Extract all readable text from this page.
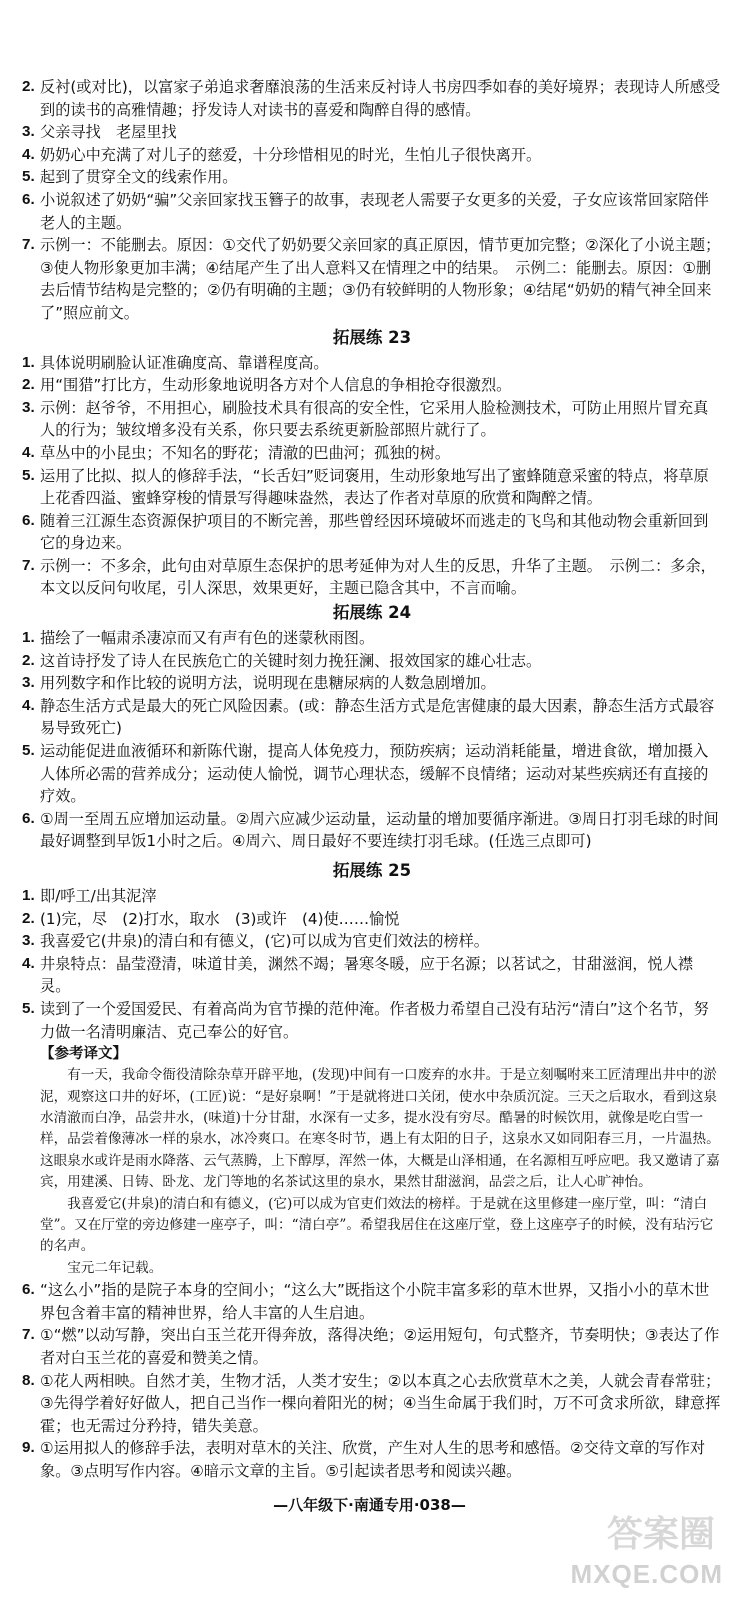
2. 反衬(或对比)，以富家子弟追求奢靡浪荡的生活来反衬诗人书房四季如春的美好境界；表现诗人所感受到的读书的高雅情趣；抒发诗人对读书的喜爱和陶醉自得的感情。

3. 父亲寻找　老屋里找

4. 奶奶心中充满了对儿子的慈爱，十分珍惜相见的时光，生怕儿子很快离开。

5. 起到了贯穿全文的线索作用。

6. 小说叙述了奶奶“骗”父亲回家找玉簪子的故事，表现老人需要子女更多的关爱，子女应该常回家陪伴老人的主题。

7. 示例一：不能删去。原因：①交代了奶奶要父亲回家的真正原因，情节更加完整；②深化了小说主题；③使人物形象更加丰满；④结尾产生了出人意料又在情理之中的结果。　示例二：能删去。原因：①删去后情节结构是完整的；②仍有明确的主题；③仍有较鲜明的人物形象；④结尾“奶奶的精气神全回来了”照应前文。

拓展练 23

1. 具体说明刷脸认证准确度高、靠谱程度高。

2. 用“围猎”打比方，生动形象地说明各方对个人信息的争相抢夺很激烈。

3. 示例：赵爷爷，不用担心，刷脸技术具有很高的安全性，它采用人脸检测技术，可防止用照片冒充真人的行为；皱纹增多没有关系，你只要去系统更新脸部照片就行了。

4. 草丛中的小昆虫；不知名的野花；清澈的巴曲河；孤独的树。

5. 运用了比拟、拟人的修辞手法，“长舌妇”贬词褒用，生动形象地写出了蜜蜂随意采蜜的特点，将草原上花香四溢、蜜蜂穿梭的情景写得趣味盎然，表达了作者对草原的欣赏和陶醉之情。

6. 随着三江源生态资源保护项目的不断完善，那些曾经因环境破坏而逃走的飞鸟和其他动物会重新回到它的身边来。

7. 示例一：不多余，此句由对草原生态保护的思考延伸为对人生的反思，升华了主题。　示例二：多余，本文以反问句收尾，引人深思，效果更好，主题已隐含其中，不言而喻。

拓展练 24

1. 描绘了一幅肃杀凄凉而又有声有色的迷蒙秋雨图。

2. 这首诗抒发了诗人在民族危亡的关键时刻力挽狂澜、报效国家的雄心壮志。

3. 用列数字和作比较的说明方法，说明现在患糖尿病的人数急剧增加。

4. 静态生活方式是最大的死亡风险因素。(或：静态生活方式是危害健康的最大因素，静态生活方式最容易导致死亡)

5. 运动能促进血液循环和新陈代谢，提高人体免疫力，预防疾病；运动消耗能量，增进食欲，增加摄入人体所必需的营养成分；运动使人愉悦，调节心理状态，缓解不良情绪；运动对某些疾病还有直接的疗效。

6. ①周一至周五应增加运动量。②周六应减少运动量，运动量的增加要循序渐进。③周日打羽毛球的时间最好调整到早饭1小时之后。④周六、周日最好不要连续打羽毛球。(任选三点即可)

拓展练 25

1. 即/呼工/出其泥滓

2. (1)完，尽　(2)打水，取水　(3)或许　(4)使……愉悦

3. 我喜爱它(井泉)的清白和有德义，(它)可以成为官吏们效法的榜样。

4. 井泉特点：晶莹澄清，味道甘美，渊然不竭；暑寒冬暖，应于名源；以茗试之，甘甜滋润，悦人襟灵。

5. 读到了一个爱国爱民、有着高尚为官节操的范仲淹。作者极力希望自己没有玷污“清白”这个名节，努力做一名清明廉洁、克己奉公的好官。

【参考译文】

有一天，我命令衙役清除杂草开辟平地，(发现)中间有一口废弃的水井。于是立刻嘱咐来工匠清理出井中的淤泥，观察这口井的好坏，(工匠)说：“是好泉啊！”于是就将进口关闭，使水中杂质沉淀。三天之后取水，看到这泉水清澈而白净，品尝井水，(味道)十分甘甜，水深有一丈多，提水没有穷尽。酷暑的时候饮用，就像是吃白雪一样，品尝着像薄冰一样的泉水，冰冷爽口。在寒冬时节，遇上有太阳的日子，这泉水又如同阳春三月，一片温热。这眼泉水或许是雨水降落、云气蒸腾，上下醇厚，浑然一体，大概是山泽相通，在名源相互呼应吧。我又邀请了嘉宾，用建溪、日铸、卧龙、龙门等地的名茶试这里的泉水，果然甘甜滋润，品尝之后，让人心旷神怡。

我喜爱它(井泉)的清白和有德义，(它)可以成为官吏们效法的榜样。于是就在这里修建一座厅堂，叫：“清白堂”。又在厅堂的旁边修建一座亭子，叫：“清白亭”。希望我居住在这座厅堂，登上这座亭子的时候，没有玷污它的名声。

宝元二年记载。

6. “这么小”指的是院子本身的空间小；“这么大”既指这个小院丰富多彩的草木世界，又指小小的草木世界包含着丰富的精神世界，给人丰富的人生启迪。

7. ①“燃”以动写静，突出白玉兰花开得奔放，落得决绝；②运用短句，句式整齐，节奏明快；③表达了作者对白玉兰花的喜爱和赞美之情。

8. ①花人两相映。自然才美，生物才活，人类才安生；②以本真之心去欣赏草木之美，人就会青春常驻；③先得学着好好做人，把自己当作一棵向着阳光的树；④当生命属于我们时，万不可贪求所欲，肆意挥霍；也无需过分矜持，错失美意。

9. ①运用拟人的修辞手法，表明对草木的关注、欣赏，产生对人生的思考和感悟。②交待文章的写作对象。③点明写作内容。④暗示文章的主旨。⑤引起读者思考和阅读兴趣。

—八年级下·南通专用·038—
答案圈
MXQE.COM
